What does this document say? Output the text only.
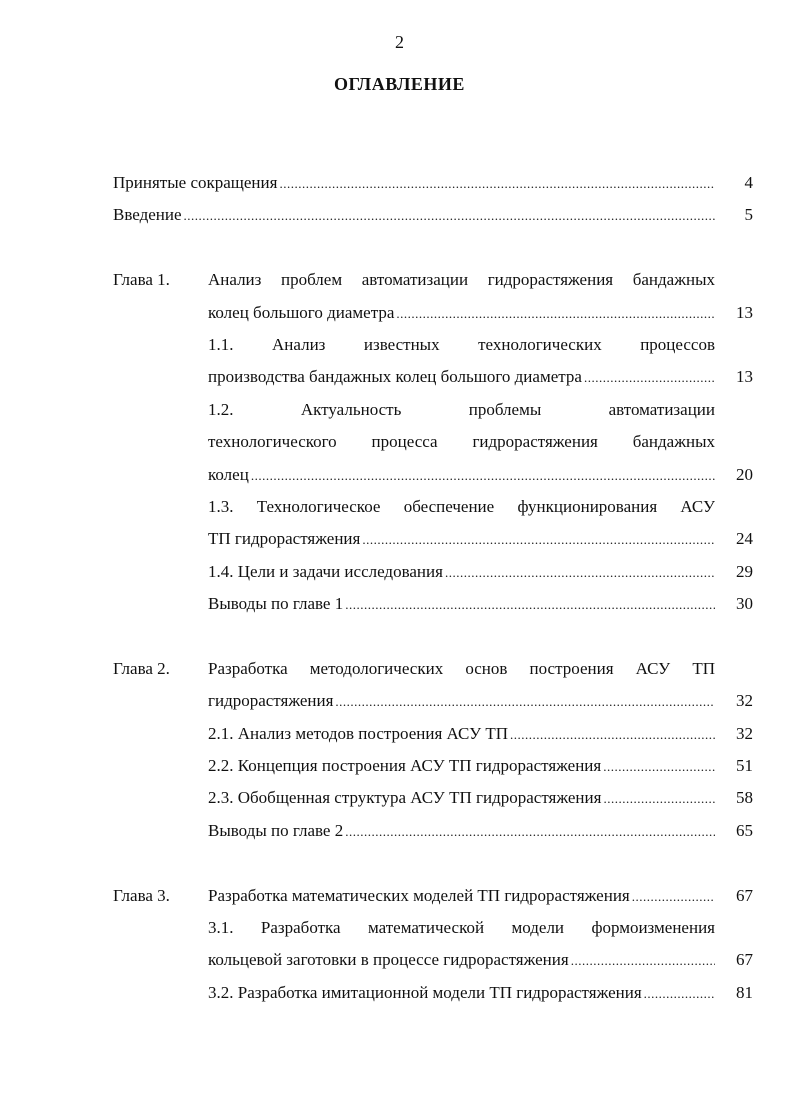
2
ОГЛАВЛЕНИЕ
Принятые сокращения .....	4
Введение .....	5
Глава 1.	Анализ проблем автоматизации гидрорастяжения бандажных
колец большого диаметра .....	13
1.1. Анализ известных технологических процессов
производства бандажных колец большого диаметра .....	13
1.2. Актуальность проблемы автоматизации
технологического процесса гидрорастяжения бандажных
колец .....	20
1.3. Технологическое обеспечение функционирования АСУ
ТП гидрорастяжения .....	24
1.4. Цели и задачи исследования .....	29
Выводы по главе 1 .....	30
Глава 2.	Разработка методологических основ построения АСУ ТП
гидрорастяжения .....	32
2.1. Анализ методов построения АСУ ТП .....	32
2.2. Концепция построения АСУ ТП гидрорастяжения .....	51
2.3. Обобщенная структура АСУ ТП гидрорастяжения .....	58
Выводы по главе 2 .....	65
Глава 3.	Разработка математических моделей ТП гидрорастяжения .....	67
3.1. Разработка математической модели формоизменения
кольцевой заготовки в процессе гидрорастяжения .....	67
3.2. Разработка имитационной модели ТП гидрорастяжения .....	81
